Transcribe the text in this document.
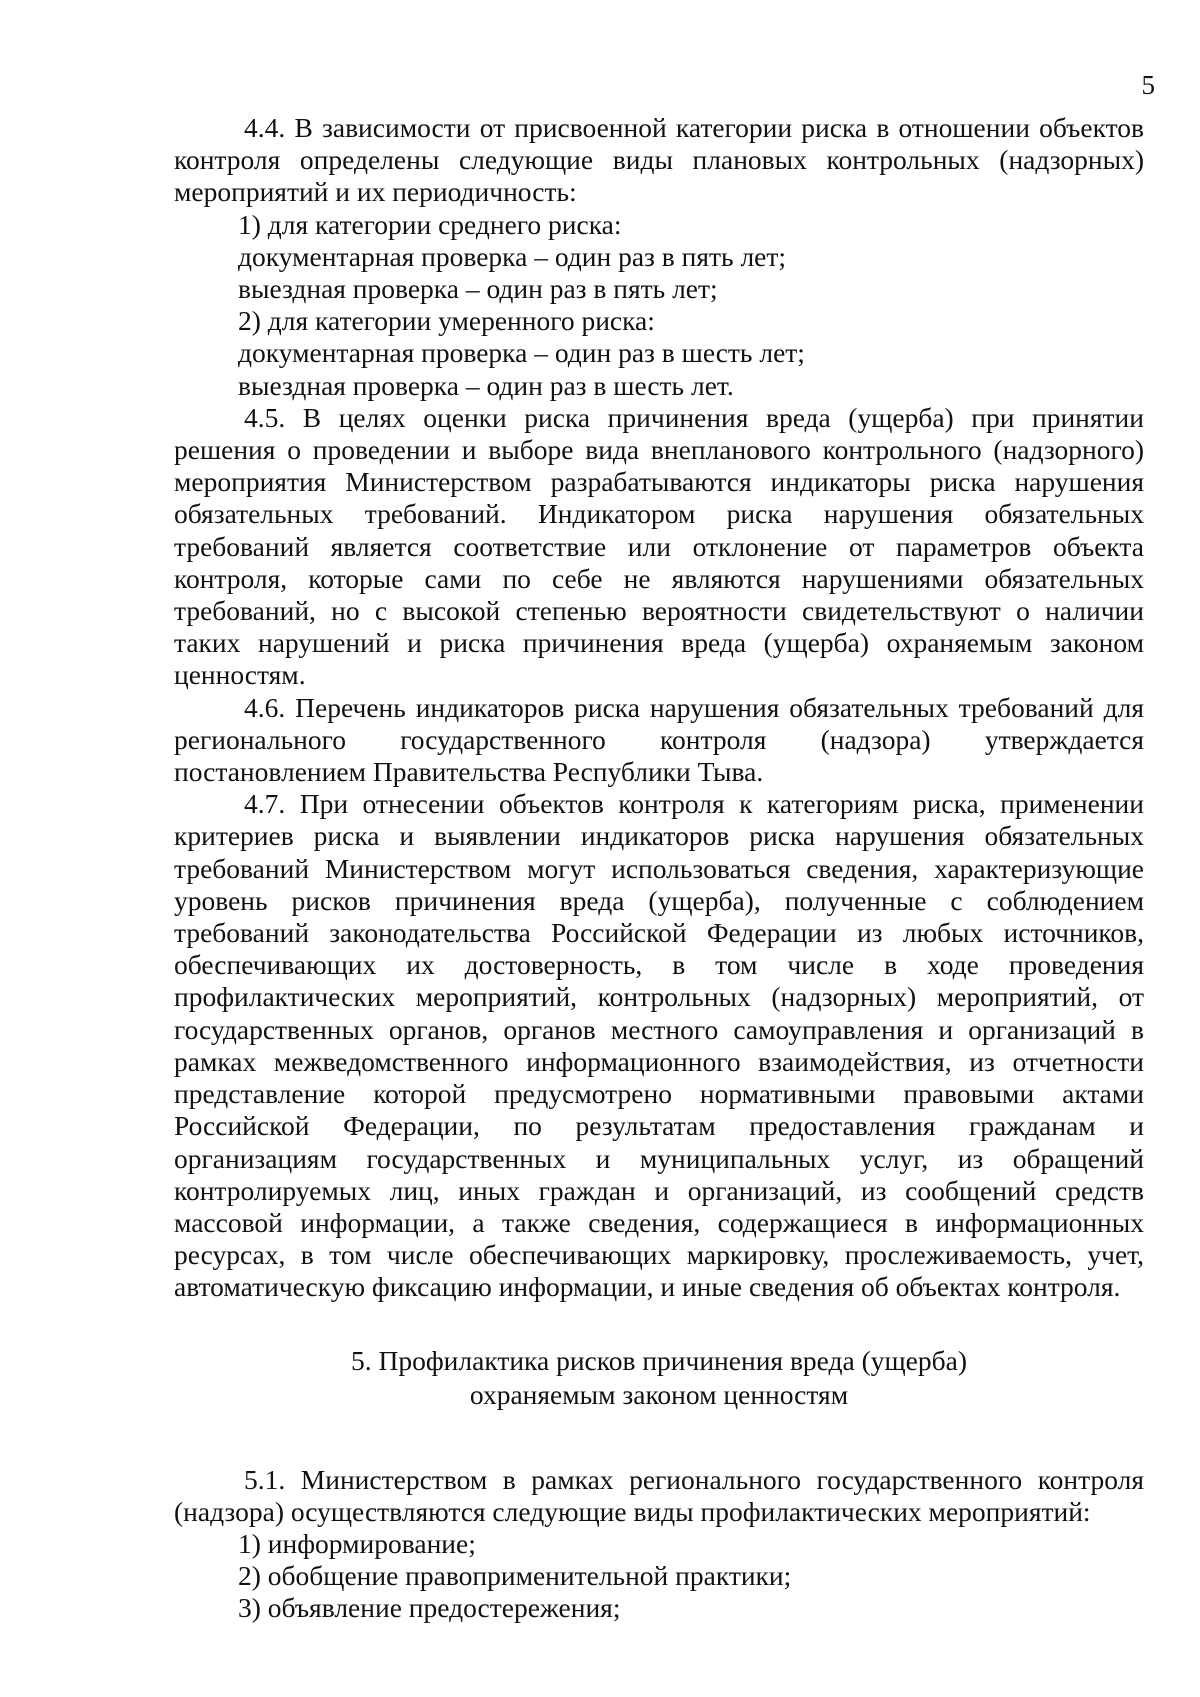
5

4.4. В зависимости от присвоенной категории риска в отношении объектов контроля определены следующие виды плановых контрольных (надзорных) мероприятий и их периодичность:

1) для категории среднего риска:

документарная проверка – один раз в пять лет;

выездная проверка – один раз в пять лет;

2) для категории умеренного риска:

документарная проверка – один раз в шесть лет;

выездная проверка – один раз в шесть лет.

4.5. В целях оценки риска причинения вреда (ущерба) при принятии решения о проведении и выборе вида внепланового контрольного (надзорного) мероприятия Министерством разрабатываются индикаторы риска нарушения обязательных требований. Индикатором риска нарушения обязательных требований является соответствие или отклонение от параметров объекта контроля, которые сами по себе не являются нарушениями обязательных требований, но с высокой степенью вероятности свидетельствуют о наличии таких нарушений и риска причинения вреда (ущерба) охраняемым законом ценностям.

4.6. Перечень индикаторов риска нарушения обязательных требований для регионального государственного контроля (надзора) утверждается постановлением Правительства Республики Тыва.

4.7. При отнесении объектов контроля к категориям риска, применении критериев риска и выявлении индикаторов риска нарушения обязательных требований Министерством могут использоваться сведения, характеризующие уровень рисков причинения вреда (ущерба), полученные с соблюдением требований законодательства Российской Федерации из любых источников, обеспечивающих их достоверность, в том числе в ходе проведения профилактических мероприятий, контрольных (надзорных) мероприятий, от государственных органов, органов местного самоуправления и организаций в рамках межведомственного информационного взаимодействия, из отчетности представление которой предусмотрено нормативными правовыми актами Российской Федерации, по результатам предоставления гражданам и организациям государственных и муниципальных услуг, из обращений контролируемых лиц, иных граждан и организаций, из сообщений средств массовой информации, а также сведения, содержащиеся в информационных ресурсах, в том числе обеспечивающих маркировку, прослеживаемость, учет, автоматическую фиксацию информации, и иные сведения об объектах контроля.

5. Профилактика рисков причинения вреда (ущерба)
охраняемым законом ценностям

5.1. Министерством в рамках регионального государственного контроля (надзора) осуществляются следующие виды профилактических мероприятий:

1) информирование;

2) обобщение правоприменительной практики;

3) объявление предостережения;
